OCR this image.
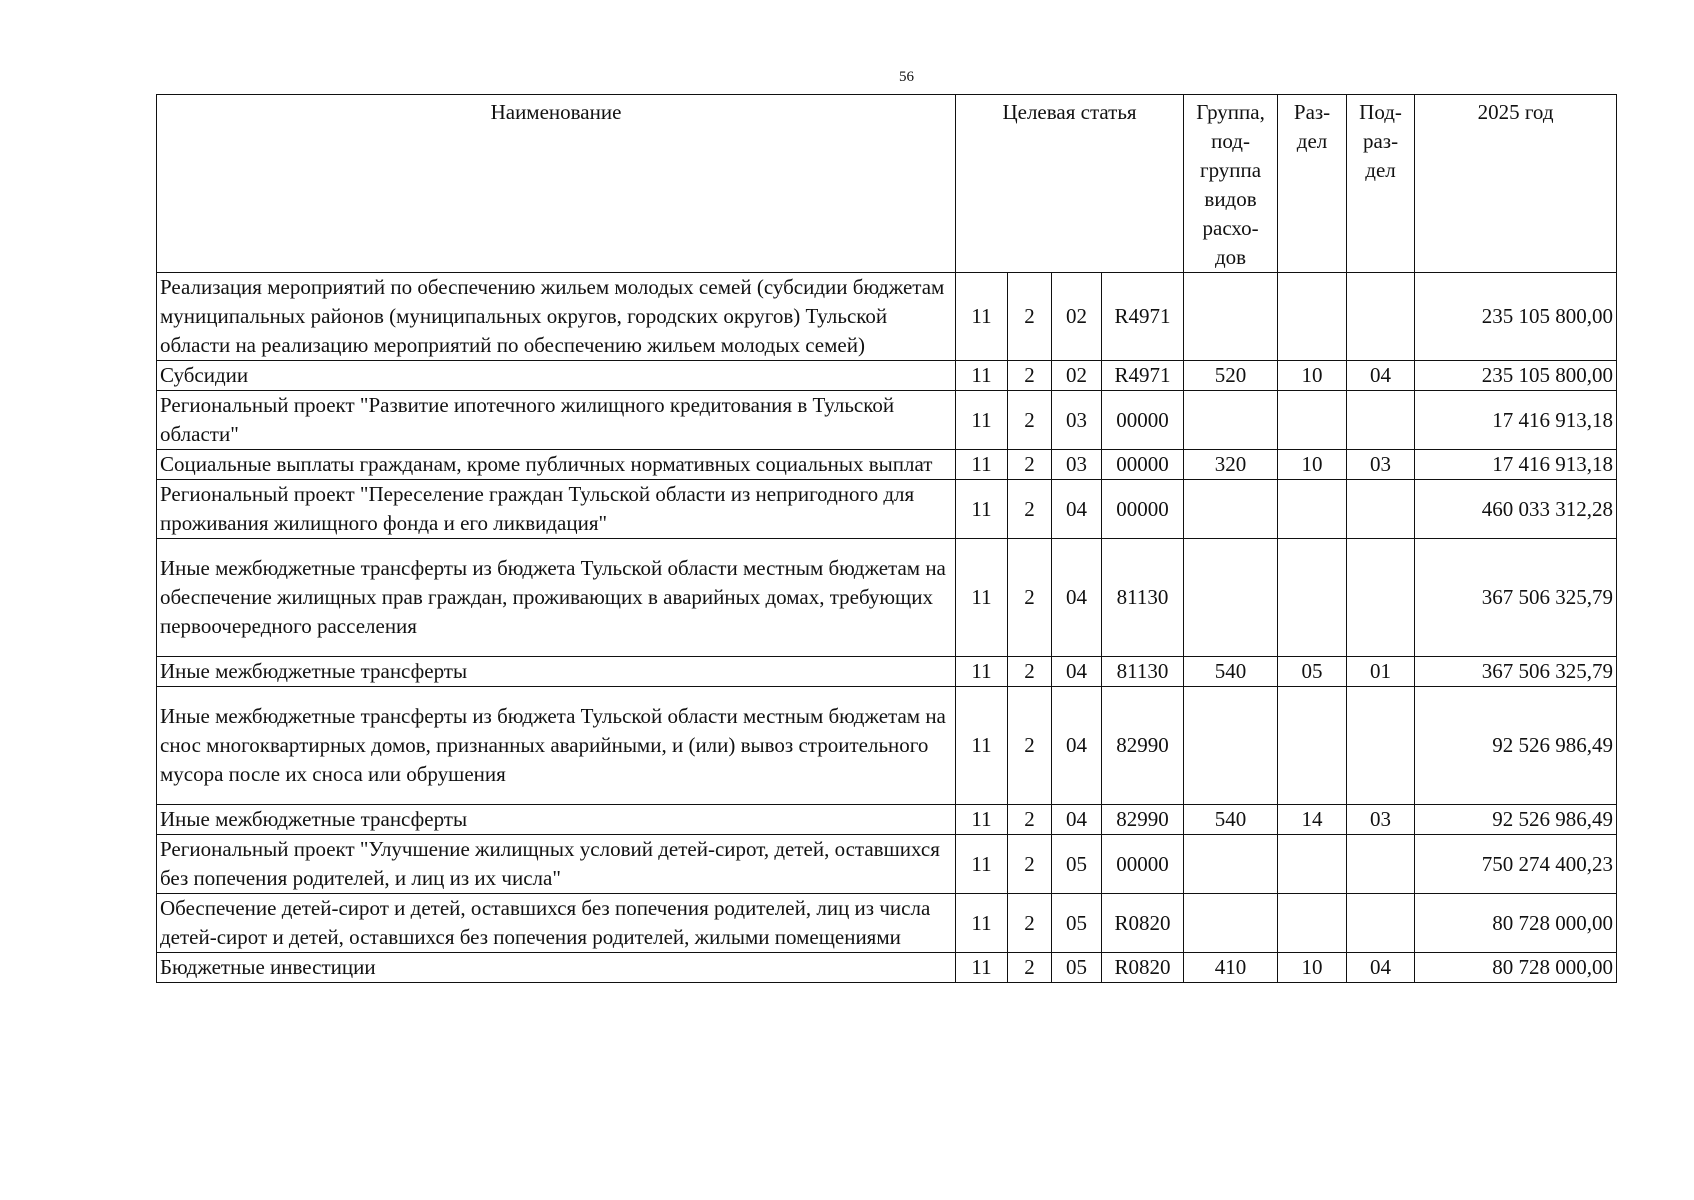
56
Наименование	Целевая статья				Группа, под- группа видов расхо- дов	Раз- дел	Под- раз- дел	2025 год
Реализация мероприятий по обеспечению жильем молодых семей (субсидии бюджетам муниципальных районов (муниципальных округов, городских округов) Тульской области на реализацию мероприятий по обеспечению жильем молодых семей)	11	2	02	R4971				235 105 800,00
Субсидии	11	2	02	R4971	520	10	04	235 105 800,00
Региональный проект "Развитие ипотечного жилищного кредитования в Тульской области"	11	2	03	00000				17 416 913,18
Социальные выплаты гражданам, кроме публичных нормативных социальных выплат	11	2	03	00000	320	10	03	17 416 913,18
Региональный проект "Переселение граждан Тульской области из непригодного для проживания жилищного фонда и его ликвидация"	11	2	04	00000				460 033 312,28
Иные межбюджетные трансферты из бюджета Тульской области местным бюджетам на обеспечение жилищных прав граждан, проживающих в аварийных домах, требующих первоочередного расселения	11	2	04	81130				367 506 325,79
Иные межбюджетные трансферты	11	2	04	81130	540	05	01	367 506 325,79
Иные межбюджетные трансферты из бюджета Тульской области местным бюджетам на снос многоквартирных домов, признанных аварийными, и (или) вывоз строительного мусора после их сноса или обрушения	11	2	04	82990				92 526 986,49
Иные межбюджетные трансферты	11	2	04	82990	540	14	03	92 526 986,49
Региональный проект "Улучшение жилищных условий детей-сирот, детей, оставшихся без попечения родителей, и лиц из их числа"	11	2	05	00000				750 274 400,23
Обеспечение детей-сирот и детей, оставшихся без попечения родителей, лиц из числа детей-сирот и детей, оставшихся без попечения родителей, жилыми помещениями	11	2	05	R0820				80 728 000,00
Бюджетные инвестиции	11	2	05	R0820	410	10	04	80 728 000,00
